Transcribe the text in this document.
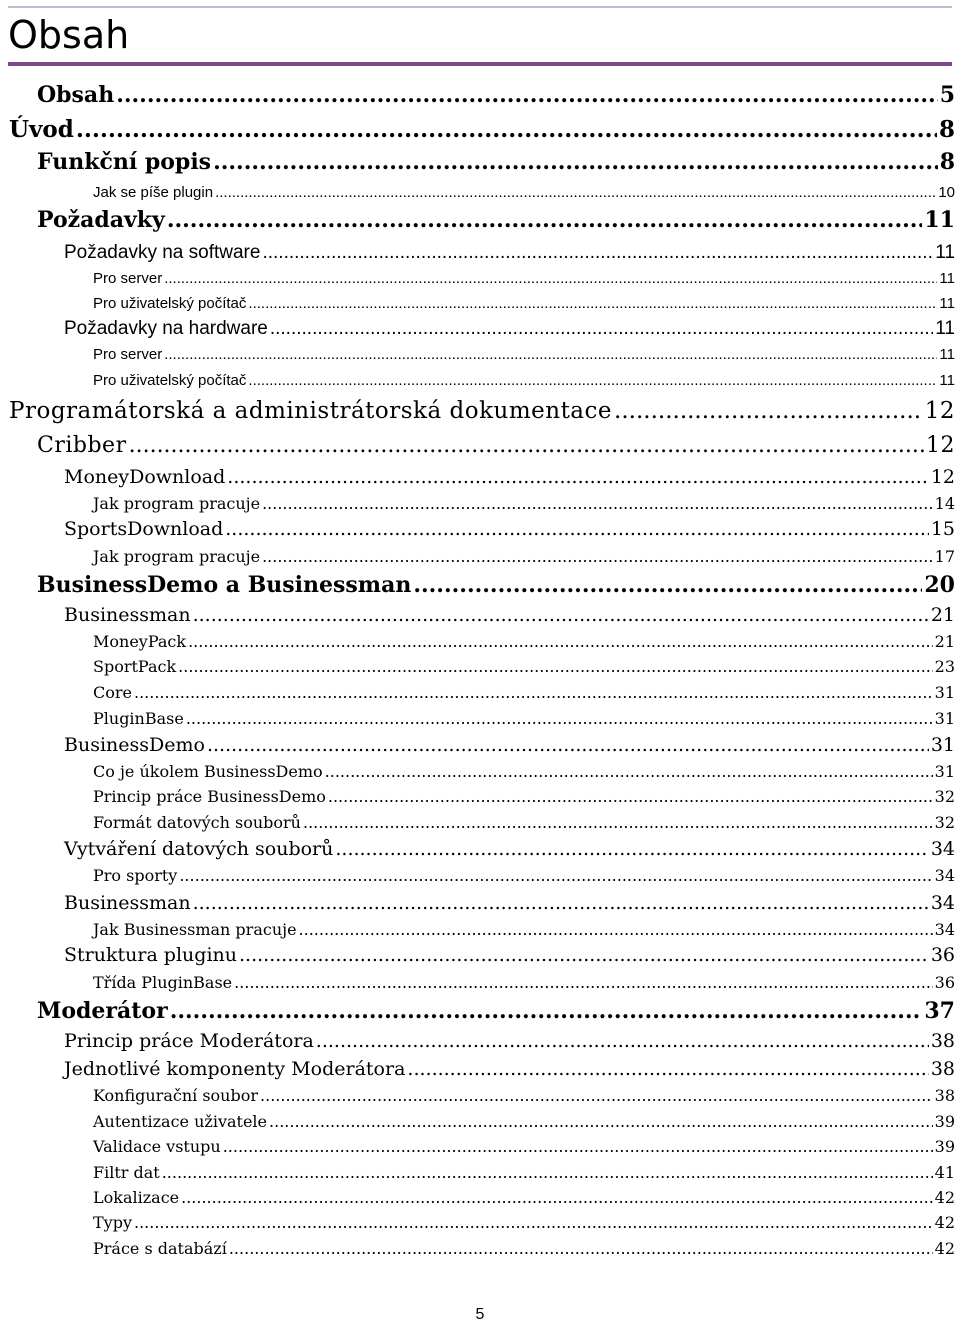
Obsah
Obsah .....	5
Úvod .....	8
Funkční popis .....	8
Jak se píše plugin .....	10
Požadavky .....	11
Požadavky na software .....	11
Pro server .....	11
Pro uživatelský počítač .....	11
Požadavky na hardware .....	11
Pro server .....	11
Pro uživatelský počítač .....	11
Programátorská a administrátorská dokumentace .....	12
Cribber .....	12
MoneyDownload .....	12
Jak program pracuje .....	14
SportsDownload .....	15
Jak program pracuje .....	17
BusinessDemo a Businessman .....	20
Businessman .....	21
MoneyPack .....	21
SportPack .....	23
Core .....	31
PluginBase .....	31
BusinessDemo .....	31
Co je úkolem BusinessDemo .....	31
Princip práce BusinessDemo .....	32
Formát datových souborů .....	32
Vytváření datových souborů .....	34
Pro sporty .....	34
Businessman .....	34
Jak Businessman pracuje .....	34
Struktura pluginu .....	36
Třída PluginBase .....	36
Moderátor .....	37
Princip práce Moderátora .....	38
Jednotlivé komponenty Moderátora .....	38
Konfigurační soubor .....	38
Autentizace uživatele .....	39
Validace vstupu .....	39
Filtr dat .....	41
Lokalizace .....	42
Typy .....	42
Práce s databází .....	42
5
